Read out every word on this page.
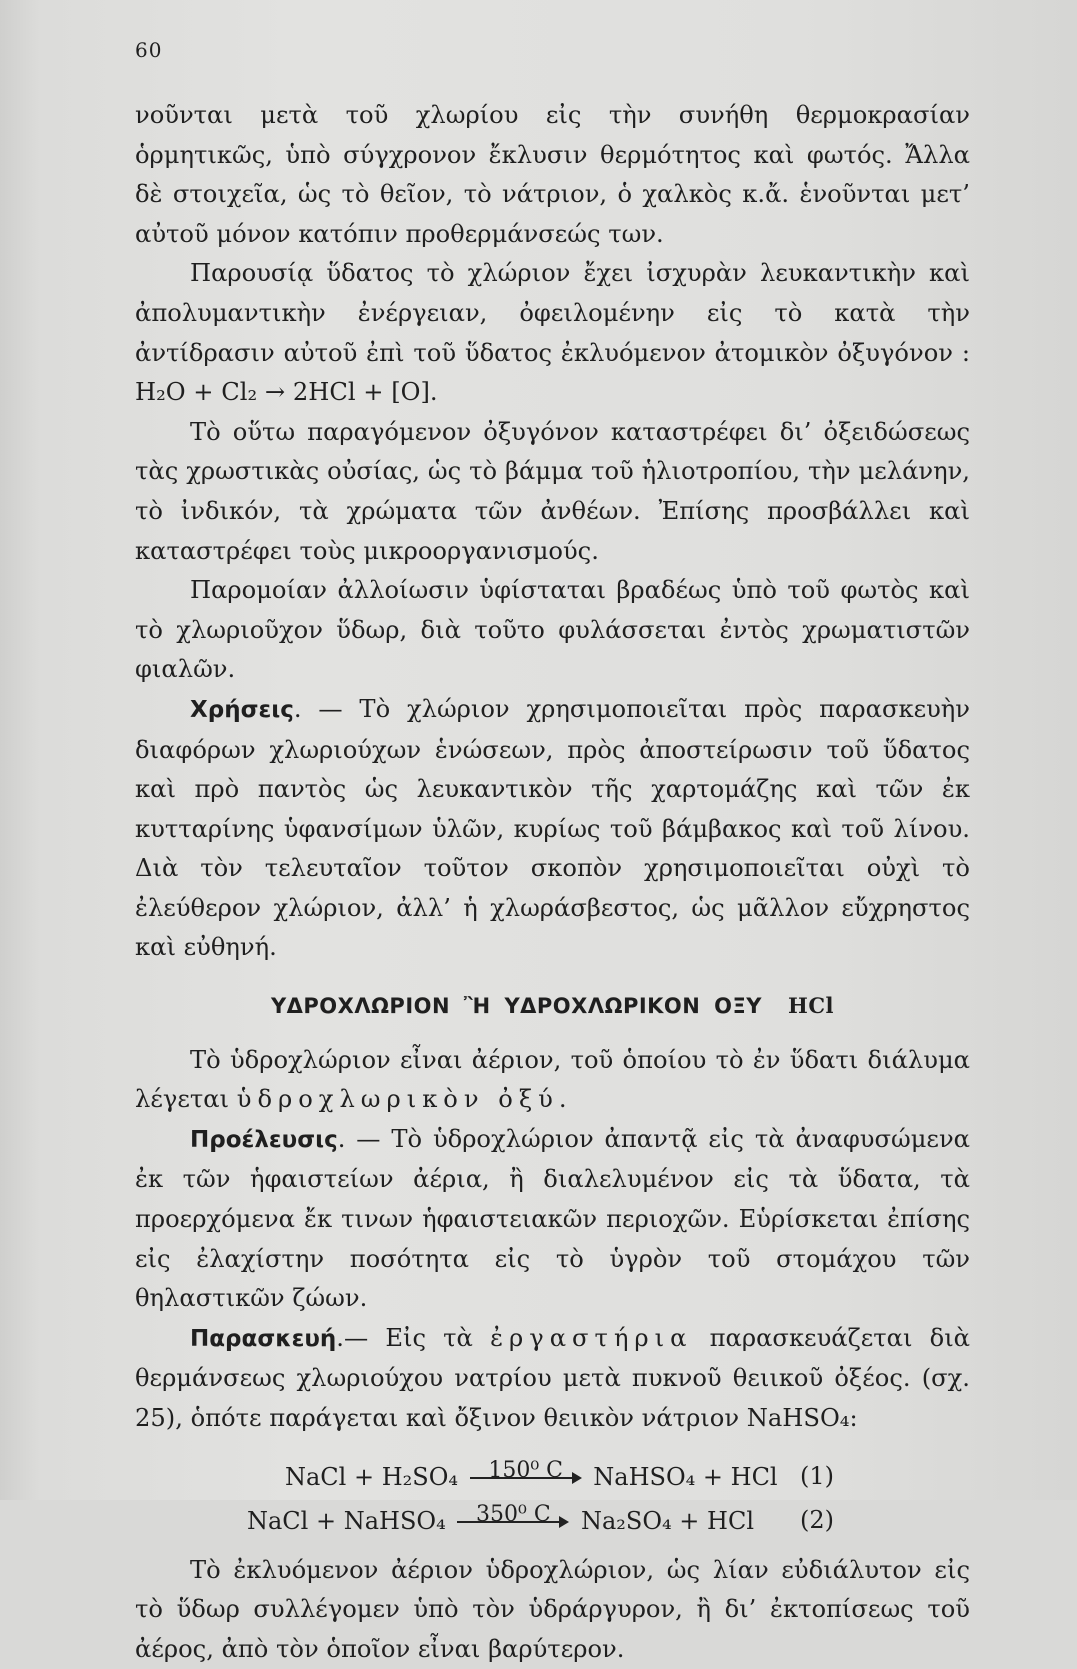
60

νοῦνται μετὰ τοῦ χλωρίου εἰς τὴν συνήθη θερμοκρασίαν ὁρμητικῶς, ὑπὸ σύγχρονον ἔκλυσιν θερμότητος καὶ φωτός. Ἄλλα δὲ στοιχεῖα, ὡς τὸ θεῖον, τὸ νάτριον, ὁ χαλκὸς κ.ἄ. ἑνοῦνται μετ’ αὐτοῦ μόνον κατόπιν προθερμάνσεώς των.

Παρουσίᾳ ὕδατος τὸ χλώριον ἔχει ἰσχυρὰν λευκαντικὴν καὶ ἀπολυμαντικὴν ἐνέργειαν, ὀφειλομένην εἰς τὸ κατὰ τὴν ἀντίδρασιν αὐτοῦ ἐπὶ τοῦ ὕδατος ἐκλυόμενον ἀτομικὸν ὀξυγόνον : H₂O + Cl₂ → 2HCl + [O].

Τὸ οὕτω παραγόμενον ὀξυγόνον καταστρέφει δι’ ὀξειδώσεως τὰς χρωστικὰς οὐσίας, ὡς τὸ βάμμα τοῦ ἡλιοτροπίου, τὴν μελάνην, τὸ ἰνδικόν, τὰ χρώματα τῶν ἀνθέων. Ἐπίσης προσβάλλει καὶ καταστρέφει τοὺς μικροοργανισμούς.

Παρομοίαν ἀλλοίωσιν ὑφίσταται βραδέως ὑπὸ τοῦ φωτὸς καὶ τὸ χλωριοῦχον ὕδωρ, διὰ τοῦτο φυλάσσεται ἐντὸς χρωματιστῶν φιαλῶν.

Χρήσεις. — Τὸ χλώριον χρησιμοποιεῖται πρὸς παρασκευὴν διαφόρων χλωριούχων ἑνώσεων, πρὸς ἀποστείρωσιν τοῦ ὕδατος καὶ πρὸ παντὸς ὡς λευκαντικὸν τῆς χαρτομάζης καὶ τῶν ἐκ κυτταρίνης ὑφανσίμων ὑλῶν, κυρίως τοῦ βάμβακος καὶ τοῦ λίνου. Διὰ τὸν τελευταῖον τοῦτον σκοπὸν χρησιμοποιεῖται οὐχὶ τὸ ἐλεύθερον χλώριον, ἀλλ’ ἡ χλωράσβεστος, ὡς μᾶλλον εὔχρηστος καὶ εὐθηνή.

ΥΔΡΟΧΛΩΡΙΟΝ Ἢ ΥΔΡΟΧΛΩΡΙΚΟΝ ΟΞΥ HCl

Τὸ ὑδροχλώριον εἶναι ἀέριον, τοῦ ὁποίου τὸ ἐν ὕδατι διάλυμα λέγεται ὑδροχλωρικὸν ὀξύ.

Προέλευσις. — Τὸ ὑδροχλώριον ἀπαντᾷ εἰς τὰ ἀναφυσώμενα ἐκ τῶν ἡφαιστείων ἀέρια, ἢ διαλελυμένον εἰς τὰ ὕδατα, τὰ προερχόμενα ἔκ τινων ἡφαιστειακῶν περιοχῶν. Εὑρίσκεται ἐπίσης εἰς ἐλαχίστην ποσότητα εἰς τὸ ὑγρὸν τοῦ στομάχου τῶν θηλαστικῶν ζώων.

Παρασκευή.— Εἰς τὰ ἐργαστήρια παρασκευάζεται διὰ θερμάνσεως χλωριούχου νατρίου μετὰ πυκνοῦ θειικοῦ ὀξέος. (σχ. 25), ὁπότε παράγεται καὶ ὄξινον θειικὸν νάτριον NaHSO₄:

NaCl + H₂SO₄	150⁰ C	NaHSO₄ + HCl (1)
NaCl + NaHSO₄	350⁰ C	Na₂SO₄ + HCl (2)

Τὸ ἐκλυόμενον ἀέριον ὑδροχλώριον, ὡς λίαν εὐδιάλυτον εἰς τὸ ὕδωρ συλλέγομεν ὑπὸ τὸν ὑδράργυρον, ἢ δι’ ἐκτοπίσεως τοῦ ἀέρος, ἀπὸ τὸν ὁποῖον εἶναι βαρύτερον.
